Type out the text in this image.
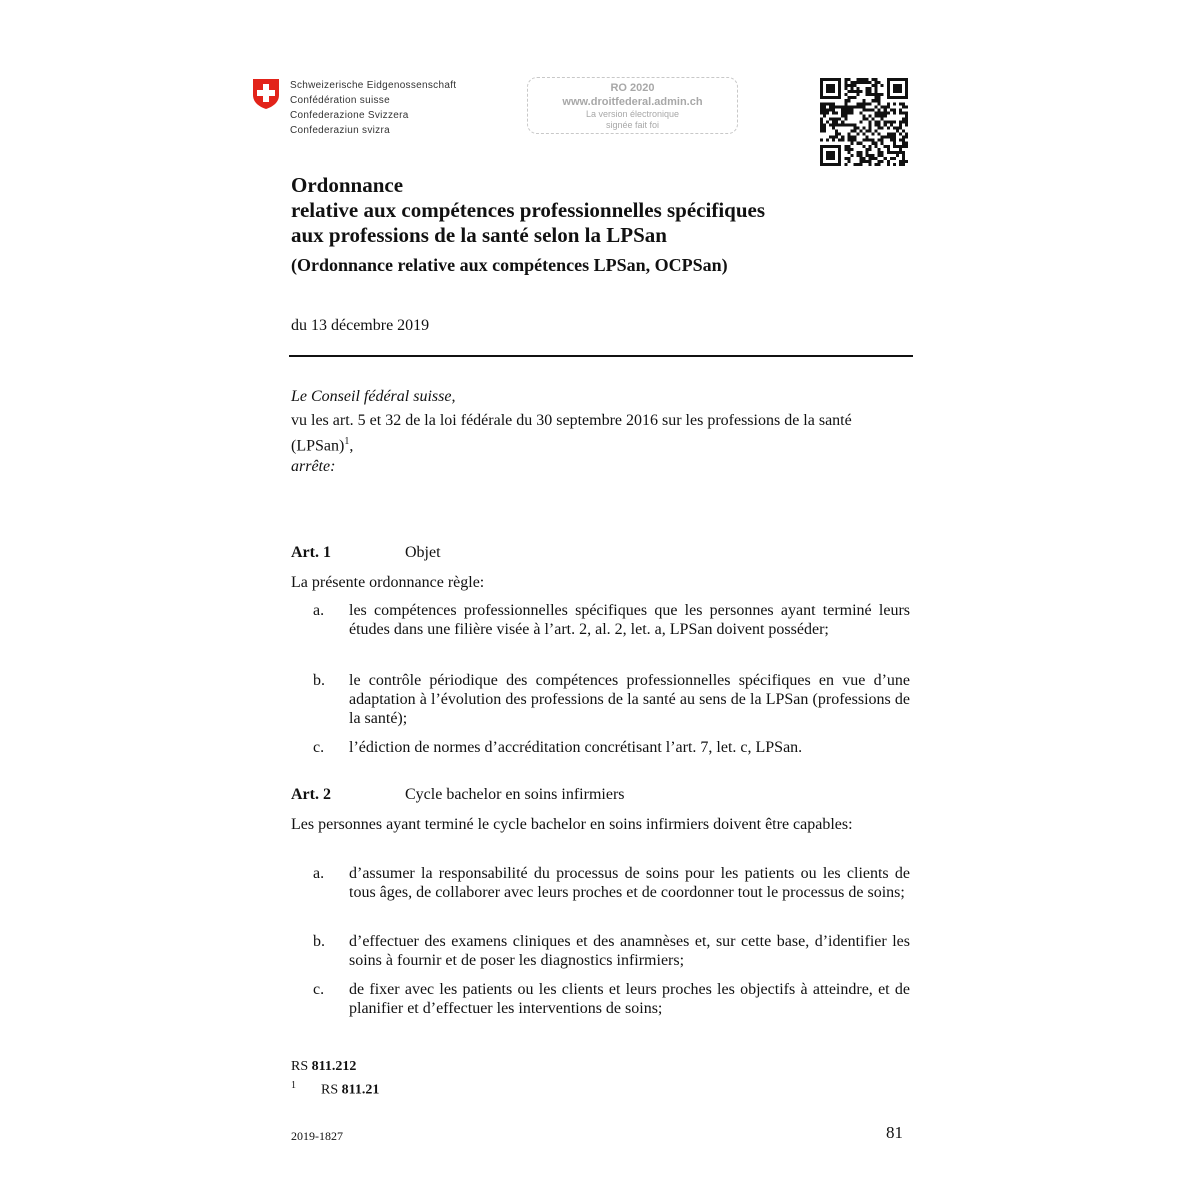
Schweizerische Eidgenossenschaft
Confédération suisse
Confederazione Svizzera
Confederaziun svizra
RO 2020
www.droitfederal.admin.ch
La version électronique
signée fait foi
Ordonnance
relative aux compétences professionnelles spécifiques
aux professions de la santé selon la LPSan
(Ordonnance relative aux compétences LPSan, OCPSan)
du 13 décembre 2019

Le Conseil fédéral suisse,

vu les art. 5 et 32 de la loi fédérale du 30 septembre 2016 sur les professions de la santé (LPSan)$^1$,

arrête:

Art. 1	Objet
La présente ordonnance règle:
a. les compétences professionnelles spécifiques que les personnes ayant terminé leurs études dans une filière visée à l’art. 2, al. 2, let. a, LPSan doivent posséder;
b. le contrôle périodique des compétences professionnelles spécifiques en vue d’une adaptation à l’évolution des professions de la santé au sens de la LPSan (professions de la santé);
c. l’édiction de normes d’accréditation concrétisant l’art. 7, let. c, LPSan.
Art. 2	Cycle bachelor en soins infirmiers
Les personnes ayant terminé le cycle bachelor en soins infirmiers doivent être capables:
a. d’assumer la responsabilité du processus de soins pour les patients ou les clients de tous âges, de collaborer avec leurs proches et de coordonner tout le processus de soins;
b. d’effectuer des examens cliniques et des anamnèses et, sur cette base, d’identifier les soins à fournir et de poser les diagnostics infirmiers;
c. de fixer avec les patients ou les clients et leurs proches les objectifs à atteindre, et de planifier et d’effectuer les interventions de soins;
RS 811.212
$^1$ RS 811.21
2019-1827	81
